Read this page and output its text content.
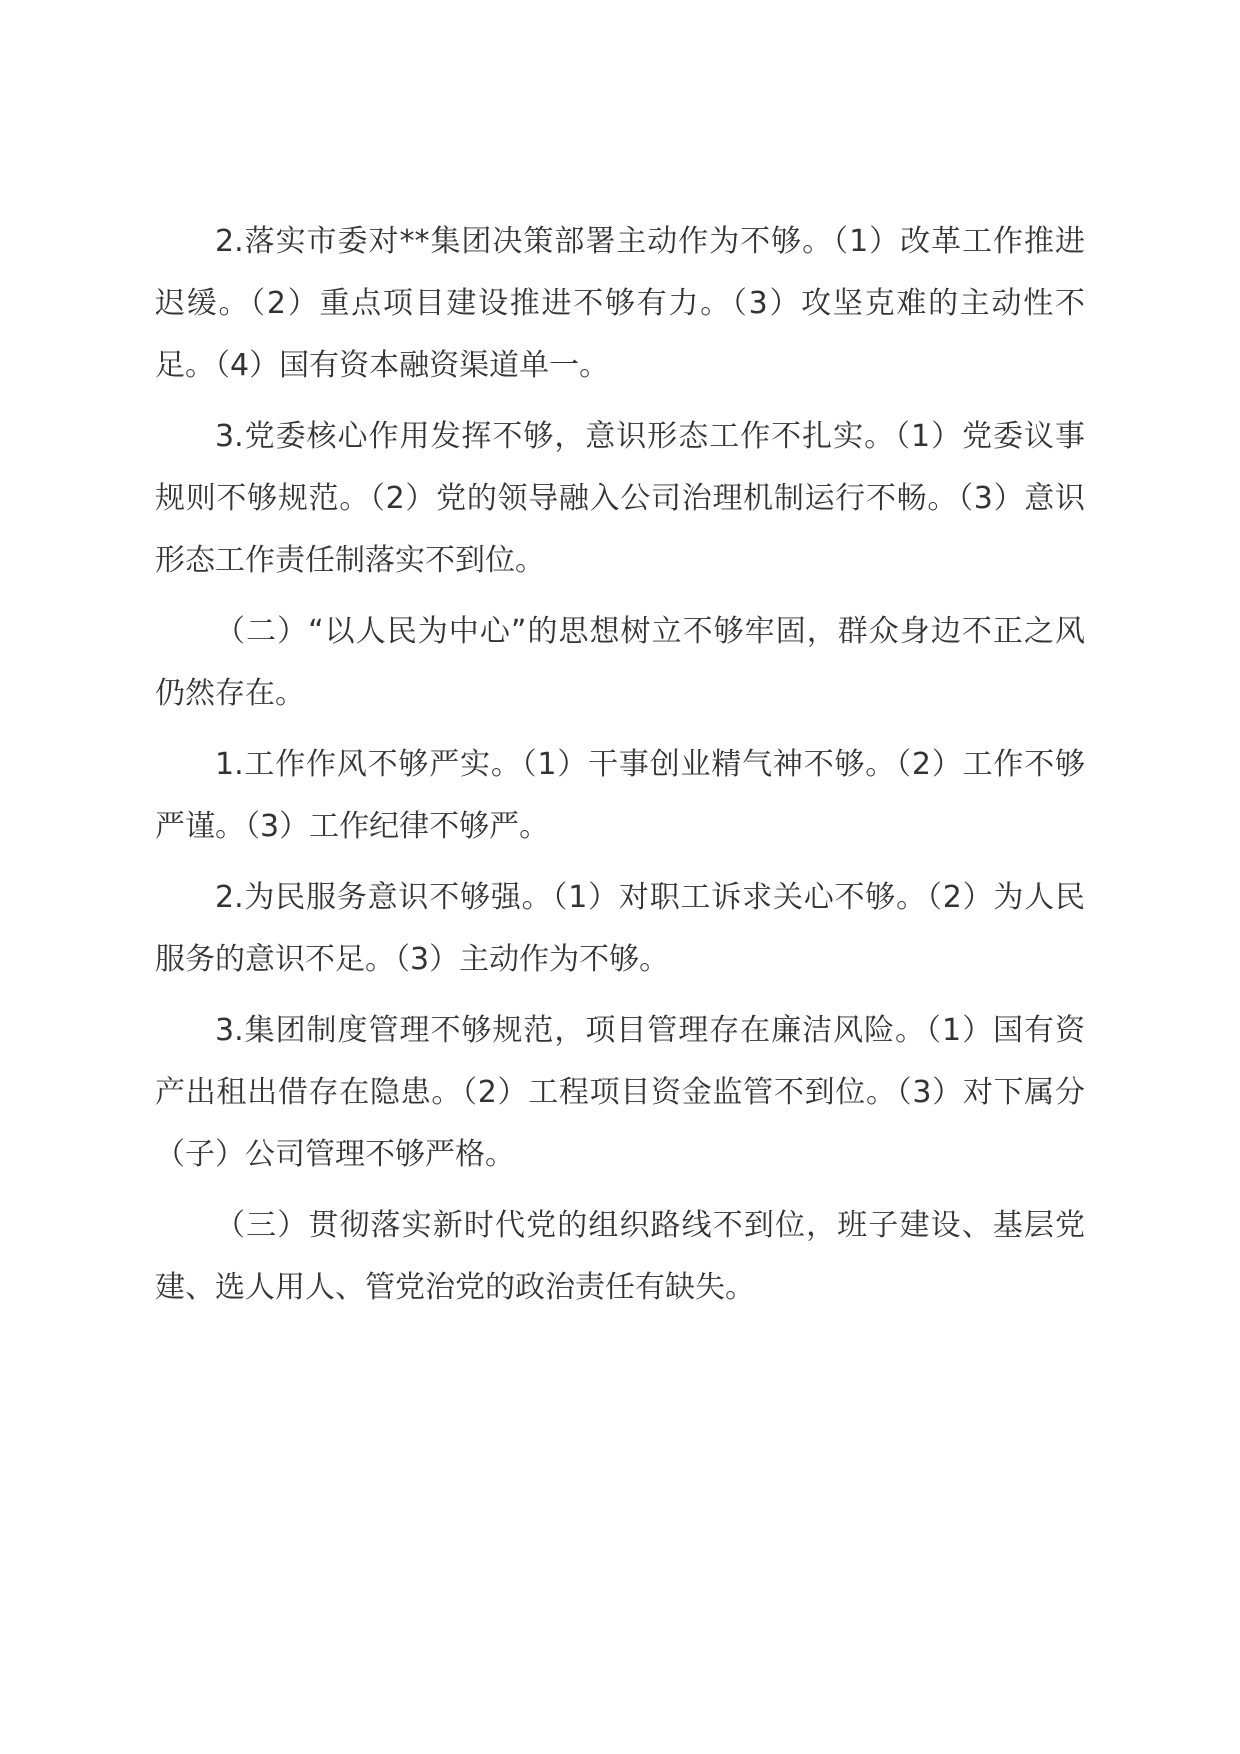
2.落实市委对**集团决策部署主动作为不够。（1）改革工作推进迟缓。（2）重点项目建设推进不够有力。（3）攻坚克难的主动性不足。（4）国有资本融资渠道单一。

3.党委核心作用发挥不够，意识形态工作不扎实。（1）党委议事规则不够规范。（2）党的领导融入公司治理机制运行不畅。（3）意识形态工作责任制落实不到位。

（二）“以人民为中心”的思想树立不够牢固，群众身边不正之风仍然存在。

1.工作作风不够严实。（1）干事创业精气神不够。（2）工作不够严谨。（3）工作纪律不够严。

2.为民服务意识不够强。（1）对职工诉求关心不够。（2）为人民服务的意识不足。（3）主动作为不够。

3.集团制度管理不够规范，项目管理存在廉洁风险。（1）国有资产出租出借存在隐患。（2）工程项目资金监管不到位。（3）对下属分（子）公司管理不够严格。

（三）贯彻落实新时代党的组织路线不到位，班子建设、基层党建、选人用人、管党治党的政治责任有缺失。
